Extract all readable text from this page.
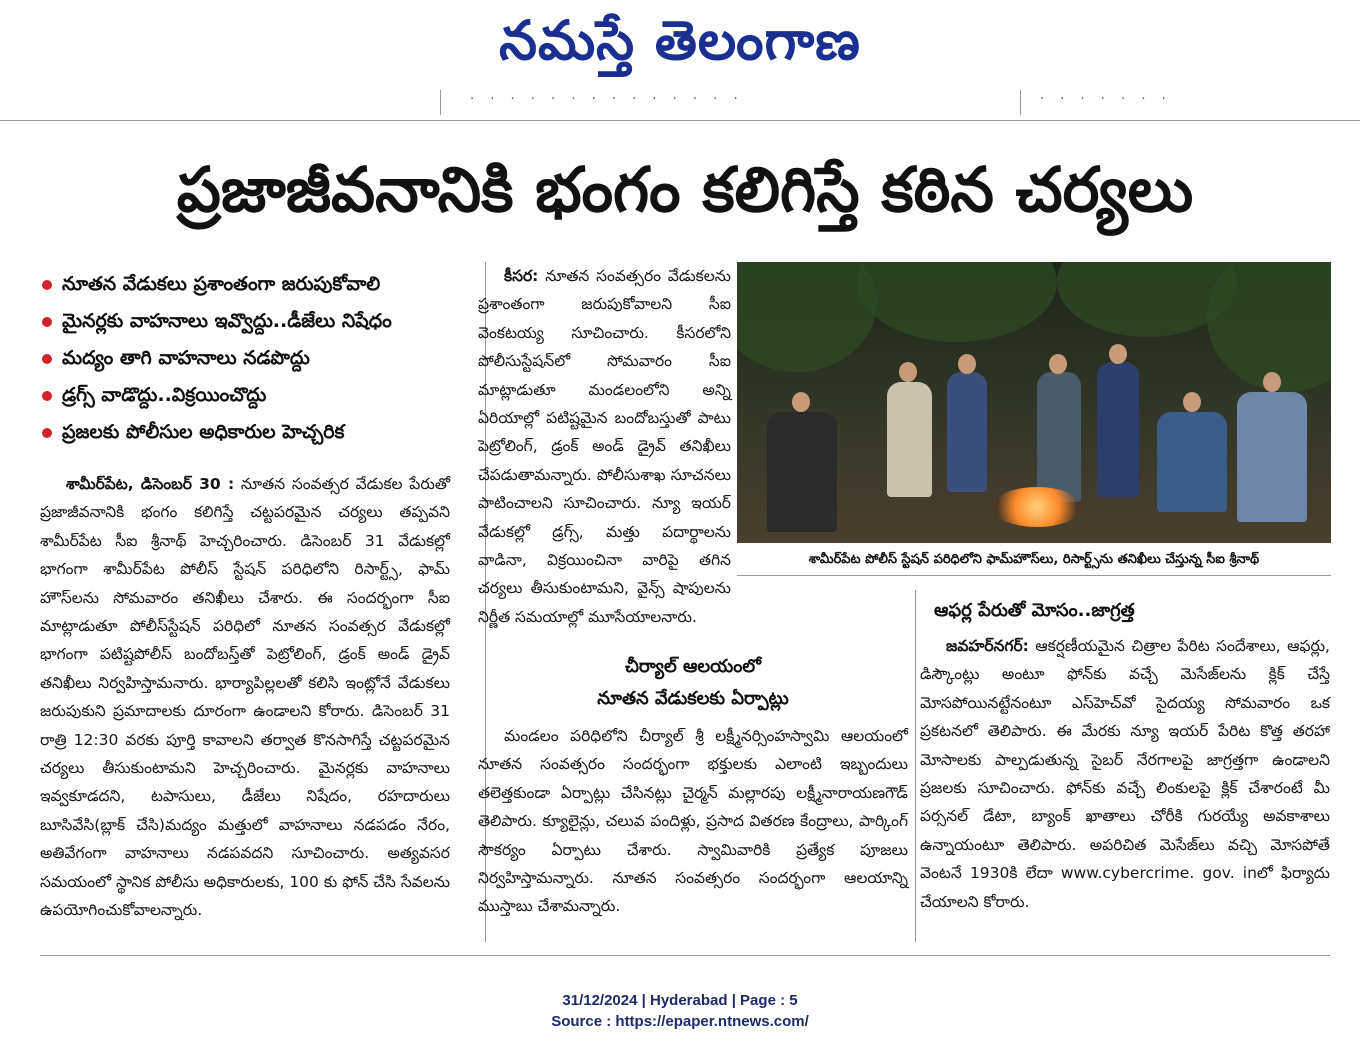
నమస్తే తెలంగాణ
· · · · · · · · · · · · · ·	· · · · · · ·
ప్రజాజీవనానికి భంగం కలిగిస్తే కఠిన చర్యలు
నూతన వేడుకలు ప్రశాంతంగా జరుపుకోవాలి
మైనర్లకు వాహనాలు ఇవ్వొద్దు..డీజేలు నిషేధం
మద్యం తాగి వాహనాలు నడపొద్దు
డ్రగ్స్ వాడొద్దు..విక్రయించొద్దు
ప్రజలకు పోలీసుల అధికారుల హెచ్చరిక

శామీర్‌పేట, డిసెంబర్ 30 : నూతన సంవత్సర వేడుకల పేరుతో ప్రజాజీవనానికి భంగం కలిగిస్తే చట్టపరమైన చర్యలు తప్పవని శామీర్‌పేట సీఐ శ్రీనాథ్ హెచ్చరించారు. డిసెంబర్ 31 వేడుకల్లో భాగంగా శామీర్‌పేట పోలీస్ స్టేషన్ పరిధిలోని రిసార్ట్స్, ఫామ్ హౌస్‌లను సోమవారం తనిఖీలు చేశారు. ఈ సందర్భంగా సీఐ మాట్లాడుతూ పోలీస్‌స్టేషన్ పరిధిలో నూతన సంవత్సర వేడుకల్లో భాగంగా పటిష్టపోలీస్ బందోబస్త్‌తో పెట్రోలింగ్, డ్రంక్ అండ్ డ్రైవ్ తనిఖీలు నిర్వహిస్తామనారు. భార్యాపిల్లలతో కలిసి ఇంట్లోనే వేడుకలు జరుపుకుని ప్రమాదాలకు దూరంగా ఉండాలని కోరారు. డిసెంబర్ 31 రాత్రి 12:30 వరకు పూర్తి కావాలని తర్వాత కొనసాగిస్తే చట్టపరమైన చర్యలు తీసుకుంటామని హెచ్చరించారు. మైనర్లకు వాహనాలు ఇవ్వకూడదని, టపాసులు, డీజేలు నిషేదం, రహదారులు బూసివేసి(బ్లాక్ చేసి)మద్యం మత్తులో వాహనాలు నడపడం నేరం, అతివేగంగా వాహనాలు నడపవదని సూచించారు. అత్యవసర సమయంలో స్థానిక పోలీసు అధికారులకు, 100 కు ఫోన్ చేసి సేవలను ఉపయోగించుకోవాలన్నారు.

కీసర: నూతన సంవత్సరం వేడుకలను ప్రశాంతంగా జరుపుకోవాలని సీఐ వెంకటయ్య సూచించారు. కీసరలోని పోలీసుస్టేషన్‌లో సోమవారం సీఐ మాట్లాడుతూ మండలంలోని అన్ని ఏరియాల్లో పటిష్టమైన బందోబస్తుతో పాటు పెట్రోలింగ్, డ్రంక్ అండ్ డ్రైవ్ తనిఖీలు చేపడుతామన్నారు. పోలీసుశాఖ సూచనలు పాటించాలని సూచించారు. న్యూ ఇయర్ వేడుకల్లో డ్రగ్స్, మత్తు పదార్థాలను వాడినా, విక్రయించినా వారిపై తగిన చర్యలు తీసుకుంటామని, వైన్స్ షాపులను నిర్ణీత సమయాల్లో మూసేయాలనారు.

శామీర్‌పేట పోలీస్ స్టేషన్ పరిధిలోని ఫామ్‌హౌస్‌లు, రిసార్ట్స్‌ను తనిఖీలు చేస్తున్న సీఐ శ్రీనాథ్
చీర్యాల్ ఆలయంలో
నూతన వేడుకలకు ఏర్పాట్లు

మండలం పరిధిలోని చీర్యాల్ శ్రీ లక్ష్మీనర్సింహస్వామి ఆలయంలో నూతన సంవత్సరం సందర్భంగా భక్తులకు ఎలాంటి ఇబ్బందులు తలెత్తకుండా ఏర్పాట్లు చేసినట్లు చైర్మన్ మల్లారపు లక్ష్మీనారాయణగౌడ్ తెలిపారు. క్యూలైన్లు, చలువ పందిళ్లు, ప్రసాద వితరణ కేంద్రాలు, పార్కింగ్ సౌకర్యం ఏర్పాటు చేశారు. స్వామివారికి ప్రత్యేక పూజలు నిర్వహిస్తామన్నారు. నూతన సంవత్సరం సందర్భంగా ఆలయాన్ని ముస్తాబు చేశామన్నారు.

ఆఫర్ల పేరుతో మోసం..జాగ్రత్త

జవహర్‌నగర్: ఆకర్షణీయమైన చిత్రాల పేరిట సందేశాలు, ఆఫర్లు, డిస్కౌంట్లు అంటూ ఫోన్‌కు వచ్చే మెసేజ్‌లను క్లిక్ చేస్తే మోసపోయినట్టేనంటూ ఎస్‌హెచ్‌వో సైదయ్య సోమవారం ఒక ప్రకటనలో తెలిపారు. ఈ మేరకు న్యూ ఇయర్ పేరిట కొత్త తరహా మోసాలకు పాల్పడుతున్న సైబర్ నేరగాలపై జాగ్రత్తగా ఉండాలని ప్రజలకు సూచించారు. ఫోన్‌కు వచ్చే లింకులపై క్లిక్ చేశారంటే మీ పర్సనల్ డేటా, బ్యాంక్ ఖాతాలు చోరీకి గురయ్యే అవకాశాలు ఉన్నాయంటూ తెలిపారు. అపరిచిత మెసేజ్‌లు వచ్చి మోసపోతే వెంటనే 1930కి లేదా www.cybercrime. gov. inలో ఫిర్యాదు చేయాలని కోరారు.

31/12/2024 | Hyderabad | Page : 5
Source : https://epaper.ntnews.com/
